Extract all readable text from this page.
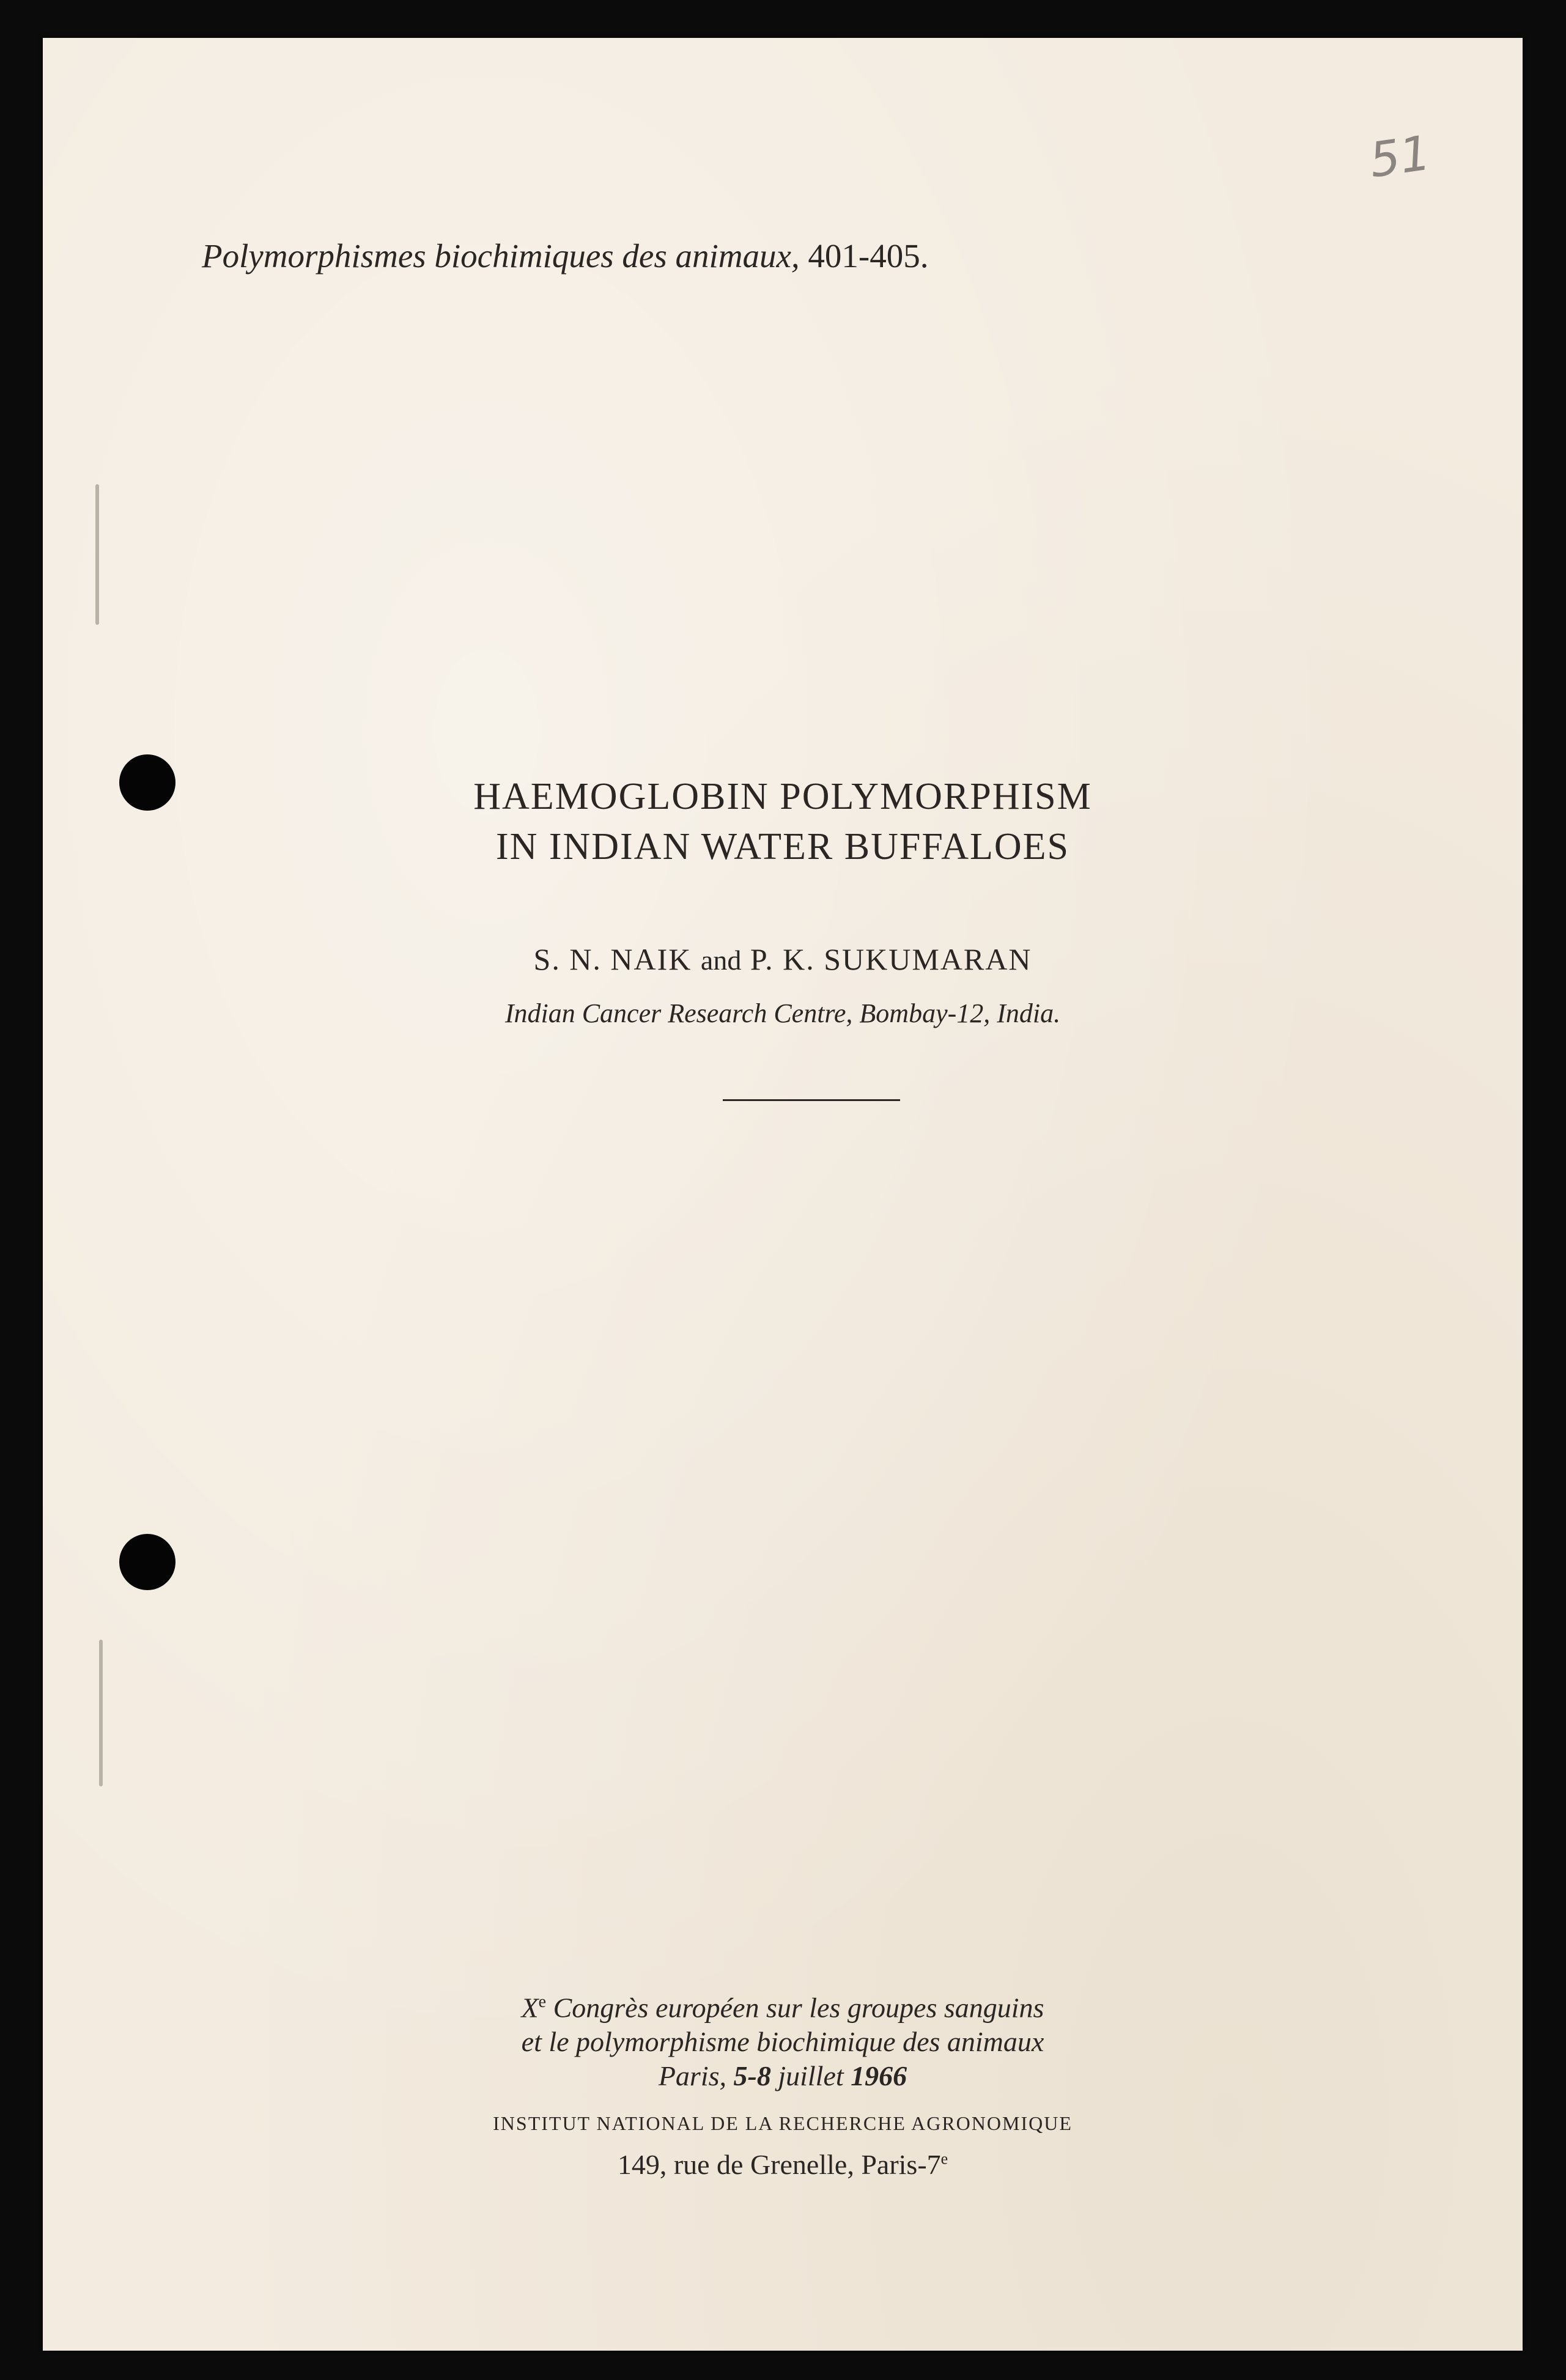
51
Polymorphismes biochimiques des animaux, 401-405.
HAEMOGLOBIN POLYMORPHISM
IN INDIAN WATER BUFFALOES
S. N. NAIK and P. K. SUKUMARAN
Indian Cancer Research Centre, Bombay-12, India.
Xe Congrès européen sur les groupes sanguins
et le polymorphisme biochimique des animaux
Paris, 5-8 juillet 1966
INSTITUT NATIONAL DE LA RECHERCHE AGRONOMIQUE
149, rue de Grenelle, Paris-7e
